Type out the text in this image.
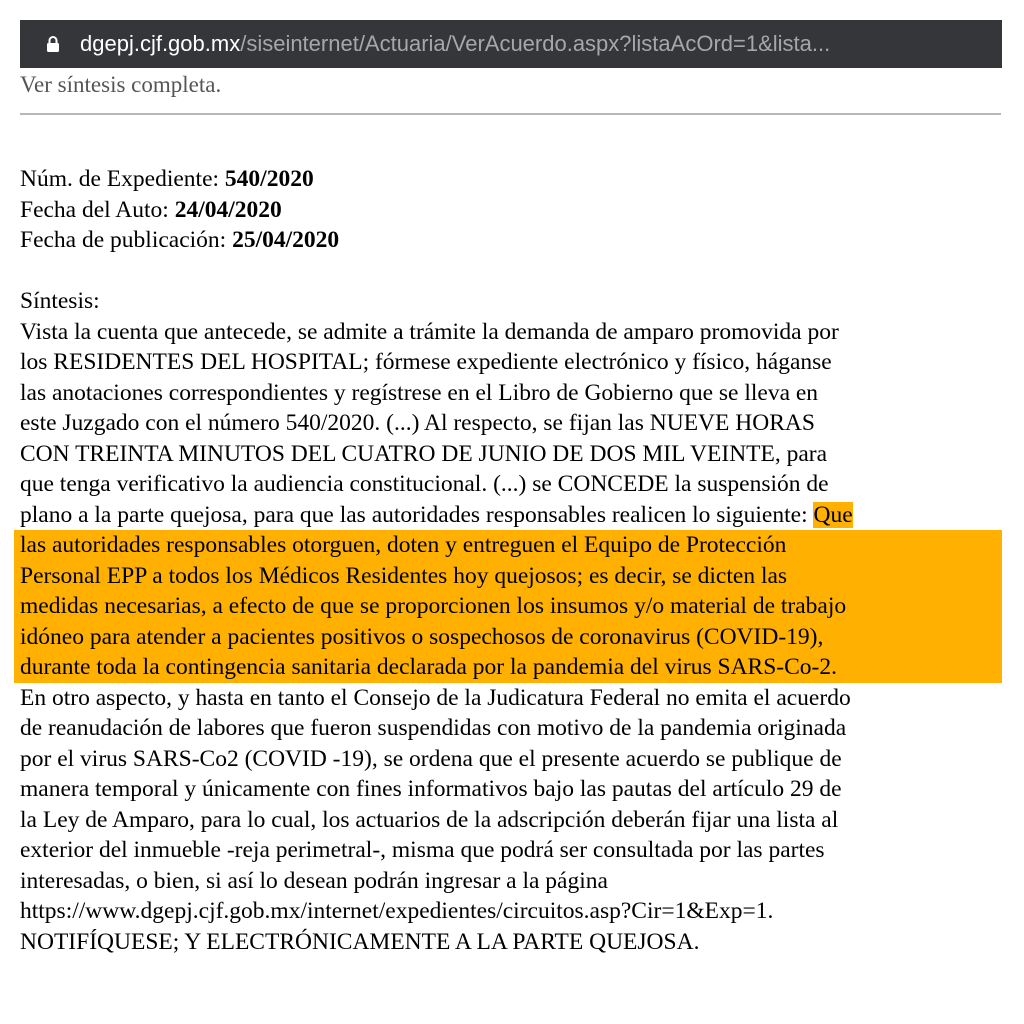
dgepj.cjf.gob.mx /siseinternet/Actuaria/VerAcuerdo.aspx?listaAcOrd=1&lista...
Ver síntesis completa.
Núm. de Expediente: 540/2020
Fecha del Auto: 24/04/2020
Fecha de publicación: 25/04/2020
Síntesis:
Vista la cuenta que antecede, se admite a trámite la demanda de amparo promovida por
los RESIDENTES DEL HOSPITAL; fórmese expediente electrónico y físico, háganse
las anotaciones correspondientes y regístrese en el Libro de Gobierno que se lleva en
este Juzgado con el número 540/2020. (...) Al respecto, se fijan las NUEVE HORAS
CON TREINTA MINUTOS DEL CUATRO DE JUNIO DE DOS MIL VEINTE, para
que tenga verificativo la audiencia constitucional. (...) se CONCEDE la suspensión de
plano a la parte quejosa, para que las autoridades responsables realicen lo siguiente: Que
las autoridades responsables otorguen, doten y entreguen el Equipo de Protección
Personal EPP a todos los Médicos Residentes hoy quejosos; es decir, se dicten las
medidas necesarias, a efecto de que se proporcionen los insumos y/o material de trabajo
idóneo para atender a pacientes positivos o sospechosos de coronavirus (COVID-19),
durante toda la contingencia sanitaria declarada por la pandemia del virus SARS-Co-2.
En otro aspecto, y hasta en tanto el Consejo de la Judicatura Federal no emita el acuerdo
de reanudación de labores que fueron suspendidas con motivo de la pandemia originada
por el virus SARS-Co2 (COVID -19), se ordena que el presente acuerdo se publique de
manera temporal y únicamente con fines informativos bajo las pautas del artículo 29 de
la Ley de Amparo, para lo cual, los actuarios de la adscripción deberán fijar una lista al
exterior del inmueble -reja perimetral-, misma que podrá ser consultada por las partes
interesadas, o bien, si así lo desean podrán ingresar a la página
https://www.dgepj.cjf.gob.mx/internet/expedientes/circuitos.asp?Cir=1&Exp=1.
NOTIFÍQUESE; Y ELECTRÓNICAMENTE A LA PARTE QUEJOSA.
